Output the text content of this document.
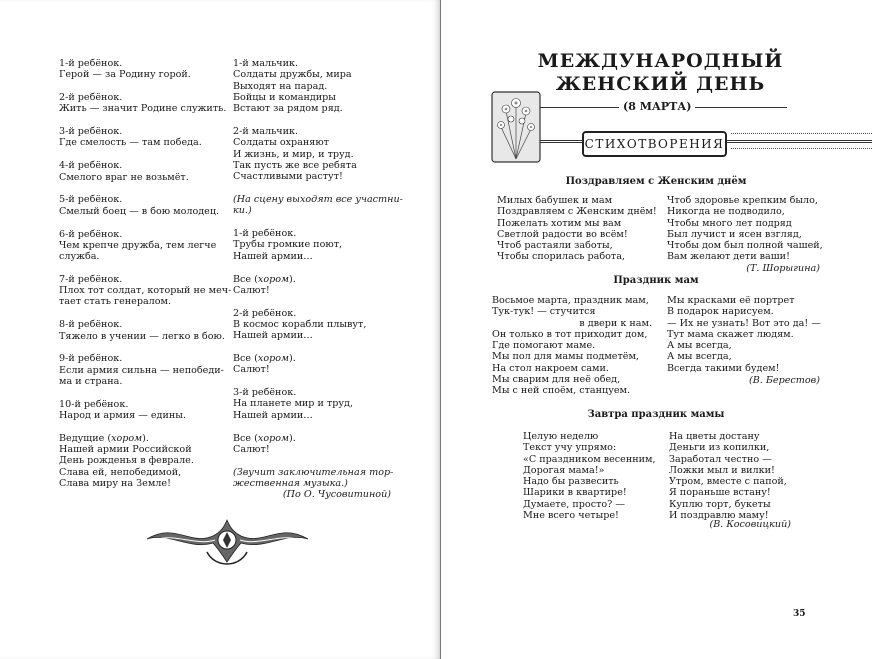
1-й ребёнок.
Герой — за Родину горой.
2-й ребёнок.
Жить — значит Родине служить.
3-й ребёнок.
Где смелость — там победа.
4-й ребёнок.
Смелого враг не возьмёт.
5-й ребёнок.
Смелый боец — в бою молодец.
6-й ребёнок.
Чем крепче дружба, тем легче
служба.
7-й ребёнок.
Плох тот солдат, который не меч-
тает стать генералом.
8-й ребёнок.
Тяжело в учении — легко в бою.
9-й ребёнок.
Если армия сильна — непобеди-
ма и страна.
10-й ребёнок.
Народ и армия — едины.
Ведущие (хором).
Нашей армии Российской
День рожденья в феврале.
Слава ей, непобедимой,
Слава миру на Земле!
1-й мальчик.
Солдаты дружбы, мира
Выходят на парад.
Бойцы и командиры
Встают за рядом ряд.
2-й мальчик.
Солдаты охраняют
И жизнь, и мир, и труд.
Так пусть же все ребята
Счастливыми растут!
(На сцену выходят все участни-
ки.)
1-й ребёнок.
Трубы громкие поют,
Нашей армии…
Все (хором).
Салют!
2-й ребёнок.
В космос корабли плывут,
Нашей армии…
Все (хором).
Салют!
3-й ребёнок.
На планете мир и труд,
Нашей армии…
Все (хором).
Салют!
(Звучит заключительная тор-
жественная музыка.)
(По О. Чусовитиной)
МЕЖДУНАРОДНЫЙ
ЖЕНСКИЙ ДЕНЬ
(8 МАРТА)
СТИХОТВОРЕНИЯ
Поздравляем с Женским днём
Милых бабушек и мам
Поздравляем с Женским днём!
Пожелать хотим мы вам
Светлой радости во всём!
Чтоб растаяли заботы,
Чтобы спорилась работа,
Чтоб здоровье крепким было,
Никогда не подводило,
Чтобы много лет подряд
Был лучист и ясен взгляд,
Чтобы дом был полной чашей,
Вам желают дети ваши!
(Т. Шорыгина)
Праздник мам
Восьмое марта, праздник мам,
Тук-тук! — стучится
в двери к нам.
Он только в тот приходит дом,
Где помогают маме.
Мы пол для мамы подметём,
На стол накроем сами.
Мы сварим для неё обед,
Мы с ней споём, станцуем.
Мы красками её портрет
В подарок нарисуем.
— Их не узнать! Вот это да! —
Тут мама скажет людям.
А мы всегда,
А мы всегда,
Всегда такими будем!
(В. Берестов)
Завтра праздник мамы
Целую неделю
Текст учу упрямо:
«С праздником весенним,
Дорогая мама!»
Надо бы развесить
Шарики в квартире!
Думаете, просто? —
Мне всего четыре!
На цветы достану
Деньги из копилки,
Заработал честно —
Ложки мыл и вилки!
Утром, вместе с папой,
Я пораньше встану!
Куплю торт, букеты
И поздравлю маму!
(В. Косовицкий)
35
